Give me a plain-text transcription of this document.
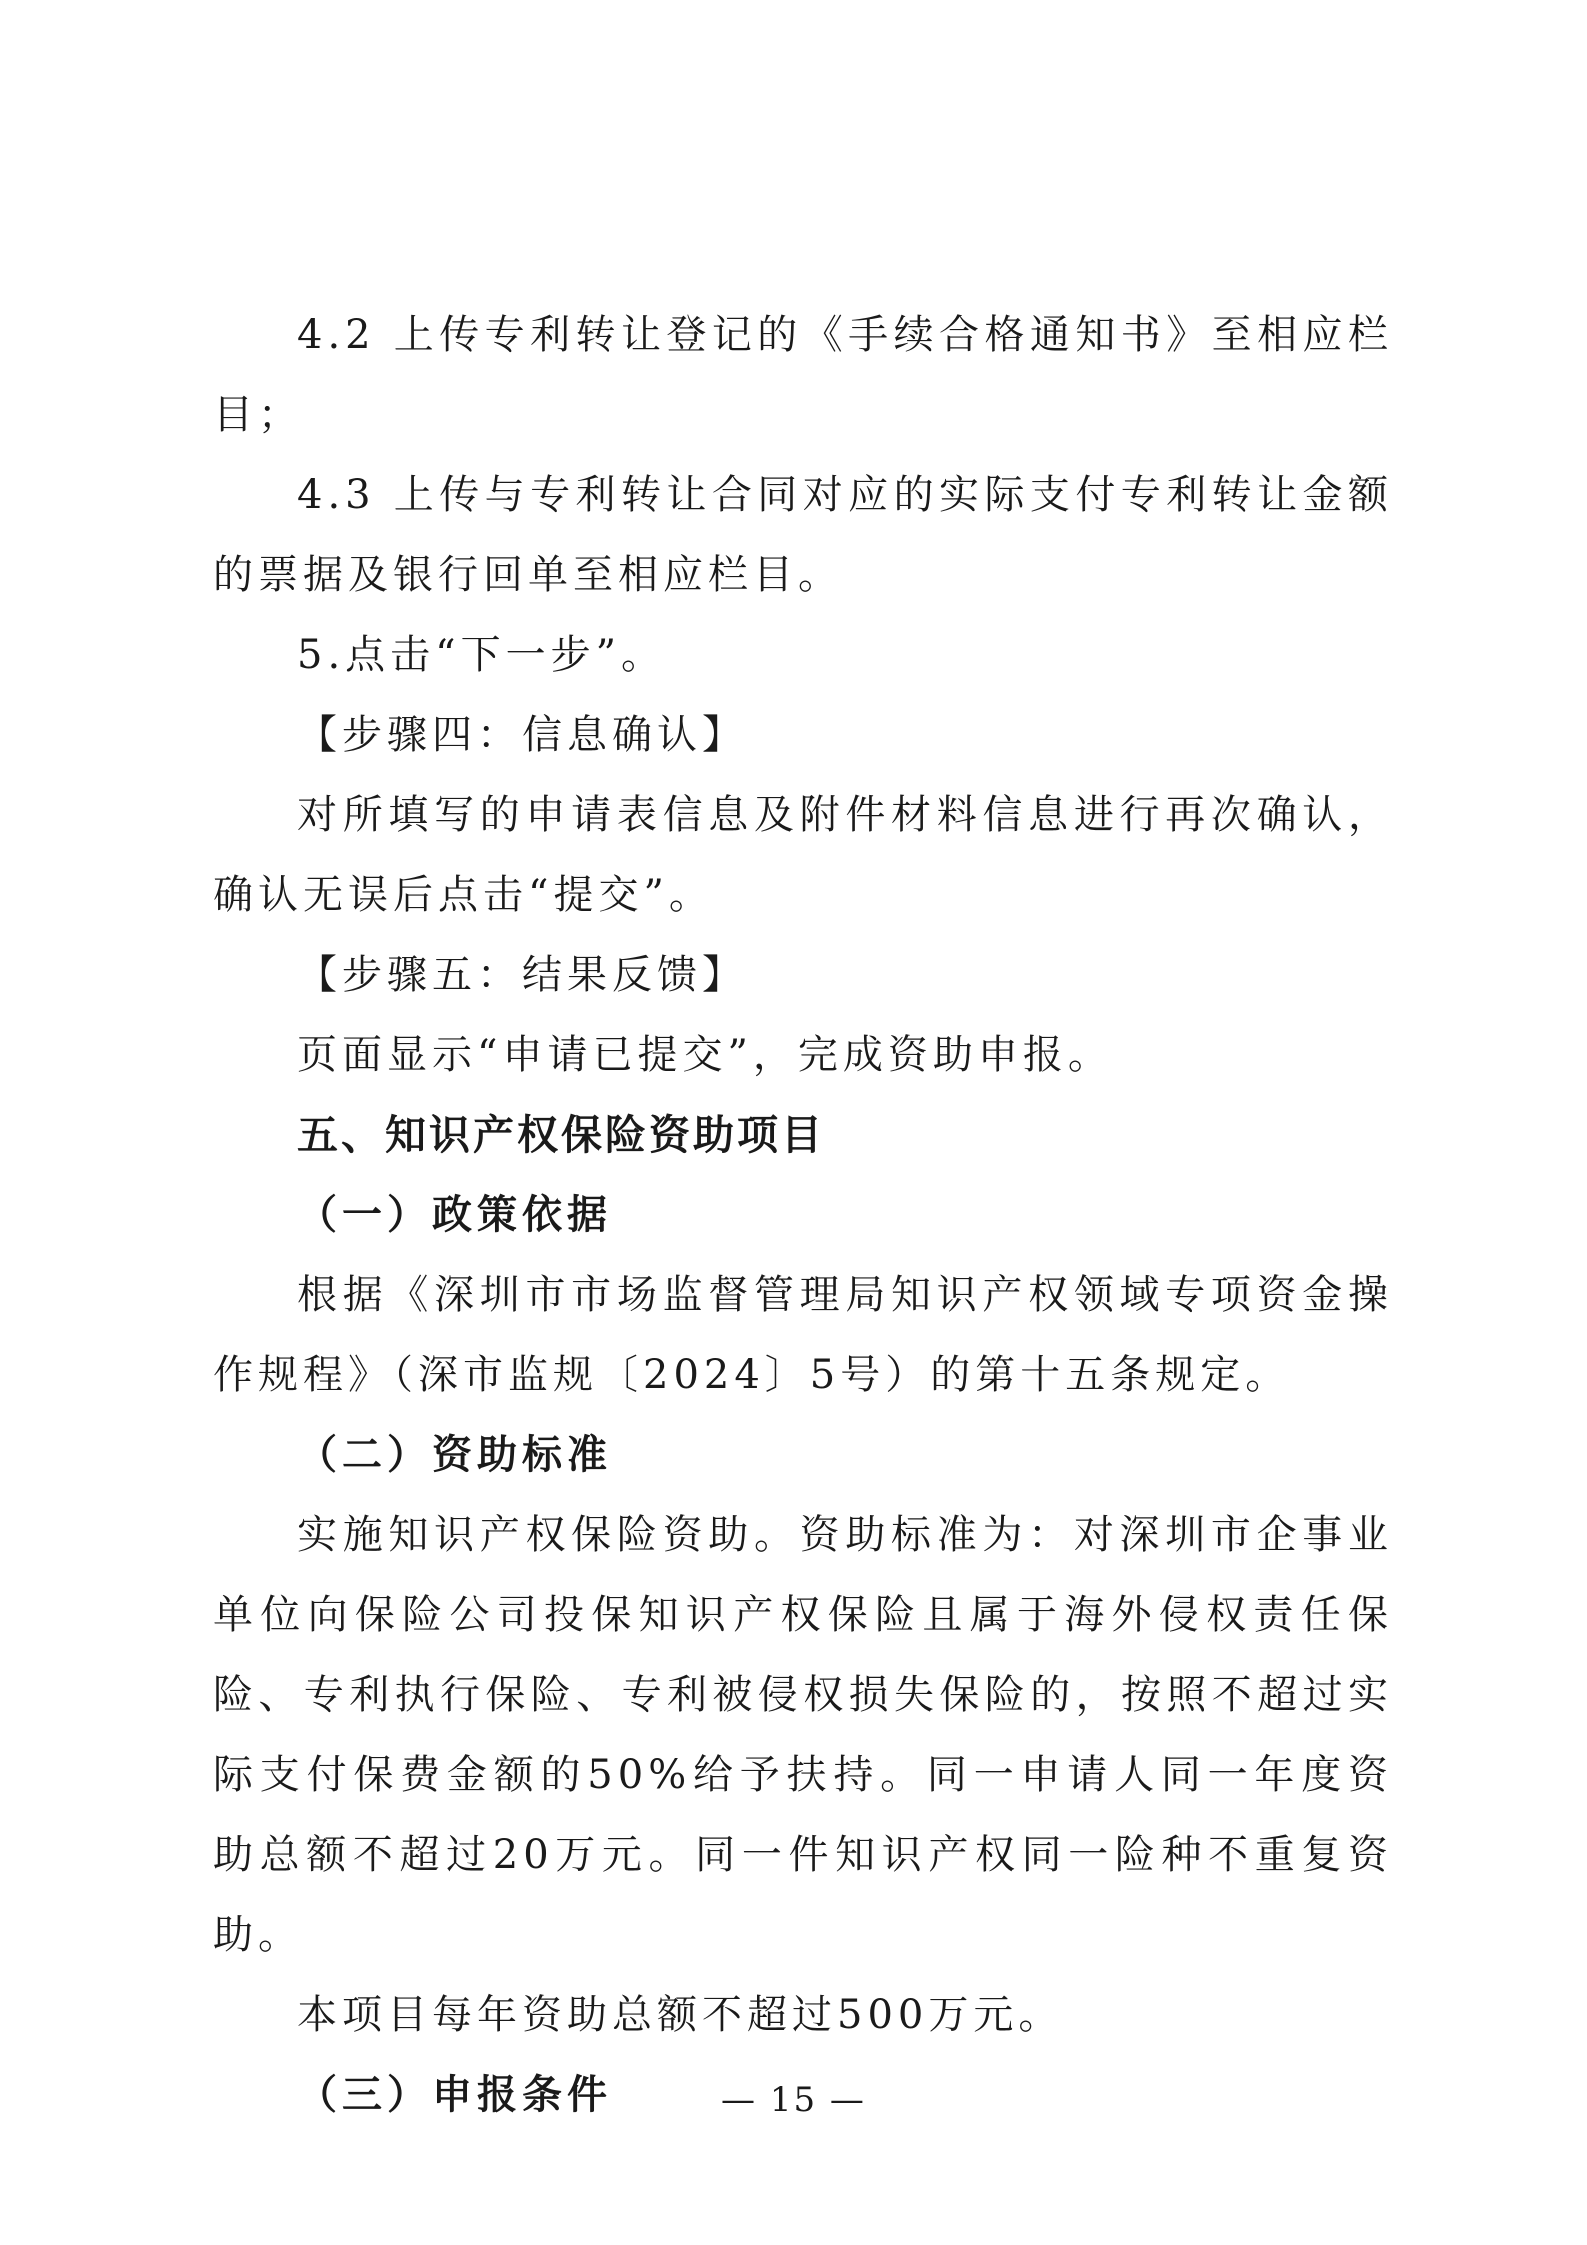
4.2 上传专利转让登记的《手续合格通知书》至相应栏目；

4.3 上传与专利转让合同对应的实际支付专利转让金额的票据及银行回单至相应栏目。

5.点击“下一步”。

【步骤四：信息确认】

对所填写的申请表信息及附件材料信息进行再次确认，确认无误后点击“提交”。

【步骤五：结果反馈】

页面显示“申请已提交”，完成资助申报。

五、知识产权保险资助项目

（一）政策依据

根据《深圳市市场监督管理局知识产权领域专项资金操作规程》（深市监规〔2024〕5号）的第十五条规定。

（二）资助标准

实施知识产权保险资助。资助标准为：对深圳市企事业单位向保险公司投保知识产权保险且属于海外侵权责任保险、专利执行保险、专利被侵权损失保险的，按照不超过实际支付保费金额的50%给予扶持。同一申请人同一年度资助总额不超过20万元。同一件知识产权同一险种不重复资助。

本项目每年资助总额不超过500万元。

（三）申报条件	— 15 —
